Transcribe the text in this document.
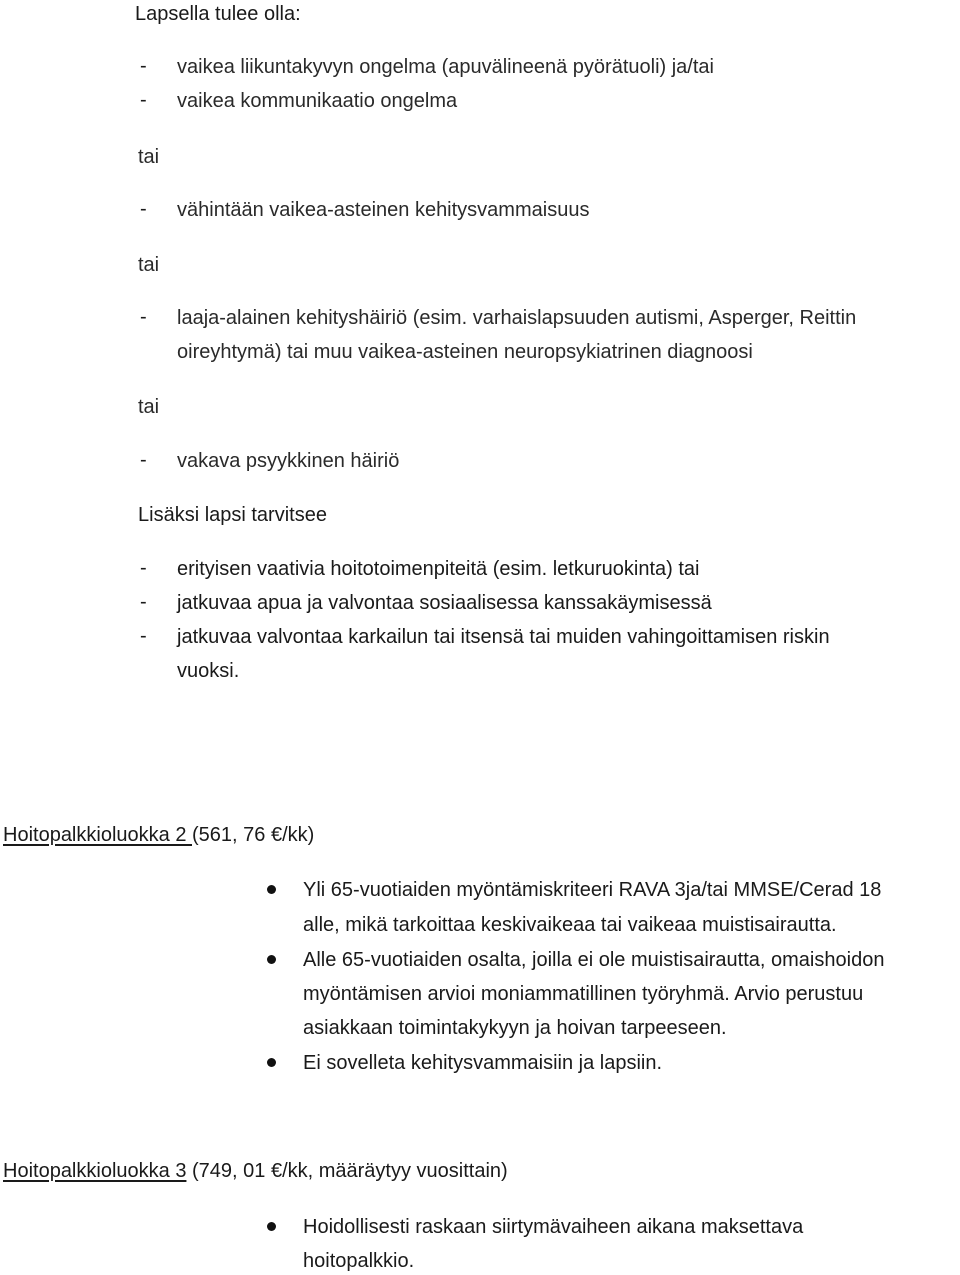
Lapsella tulee olla:
- vaikea liikuntakyvyn ongelma (apuvälineenä pyörätuoli) ja/tai
- vaikea kommunikaatio ongelma
tai
- vähintään vaikea-asteinen kehitysvammaisuus
tai
- laaja-alainen kehityshäiriö (esim. varhaislapsuuden autismi, Asperger, Reittin
oireyhtymä) tai muu vaikea-asteinen neuropsykiatrinen diagnoosi
tai
- vakava psyykkinen häiriö
Lisäksi lapsi tarvitsee
- erityisen vaativia hoitotoimenpiteitä (esim. letkuruokinta) tai
- jatkuvaa apua ja valvontaa sosiaalisessa kanssakäymisessä
- jatkuvaa valvontaa karkailun tai itsensä tai muiden vahingoittamisen riskin
vuoksi.
Hoitopalkkioluokka 2 (561, 76 €/kk)
Yli 65-vuotiaiden myöntämiskriteeri RAVA 3ja/tai MMSE/Cerad 18
alle, mikä tarkoittaa keskivaikeaa tai vaikeaa muistisairautta.
Alle 65-vuotiaiden osalta, joilla ei ole muistisairautta, omaishoidon
myöntämisen arvioi moniammatillinen työryhmä. Arvio perustuu
asiakkaan toimintakykyyn ja hoivan tarpeeseen.
Ei sovelleta kehitysvammaisiin ja lapsiin.
Hoitopalkkioluokka 3 (749, 01 €/kk, määräytyy vuosittain)
Hoidollisesti raskaan siirtymävaiheen aikana maksettava
hoitopalkkio.
